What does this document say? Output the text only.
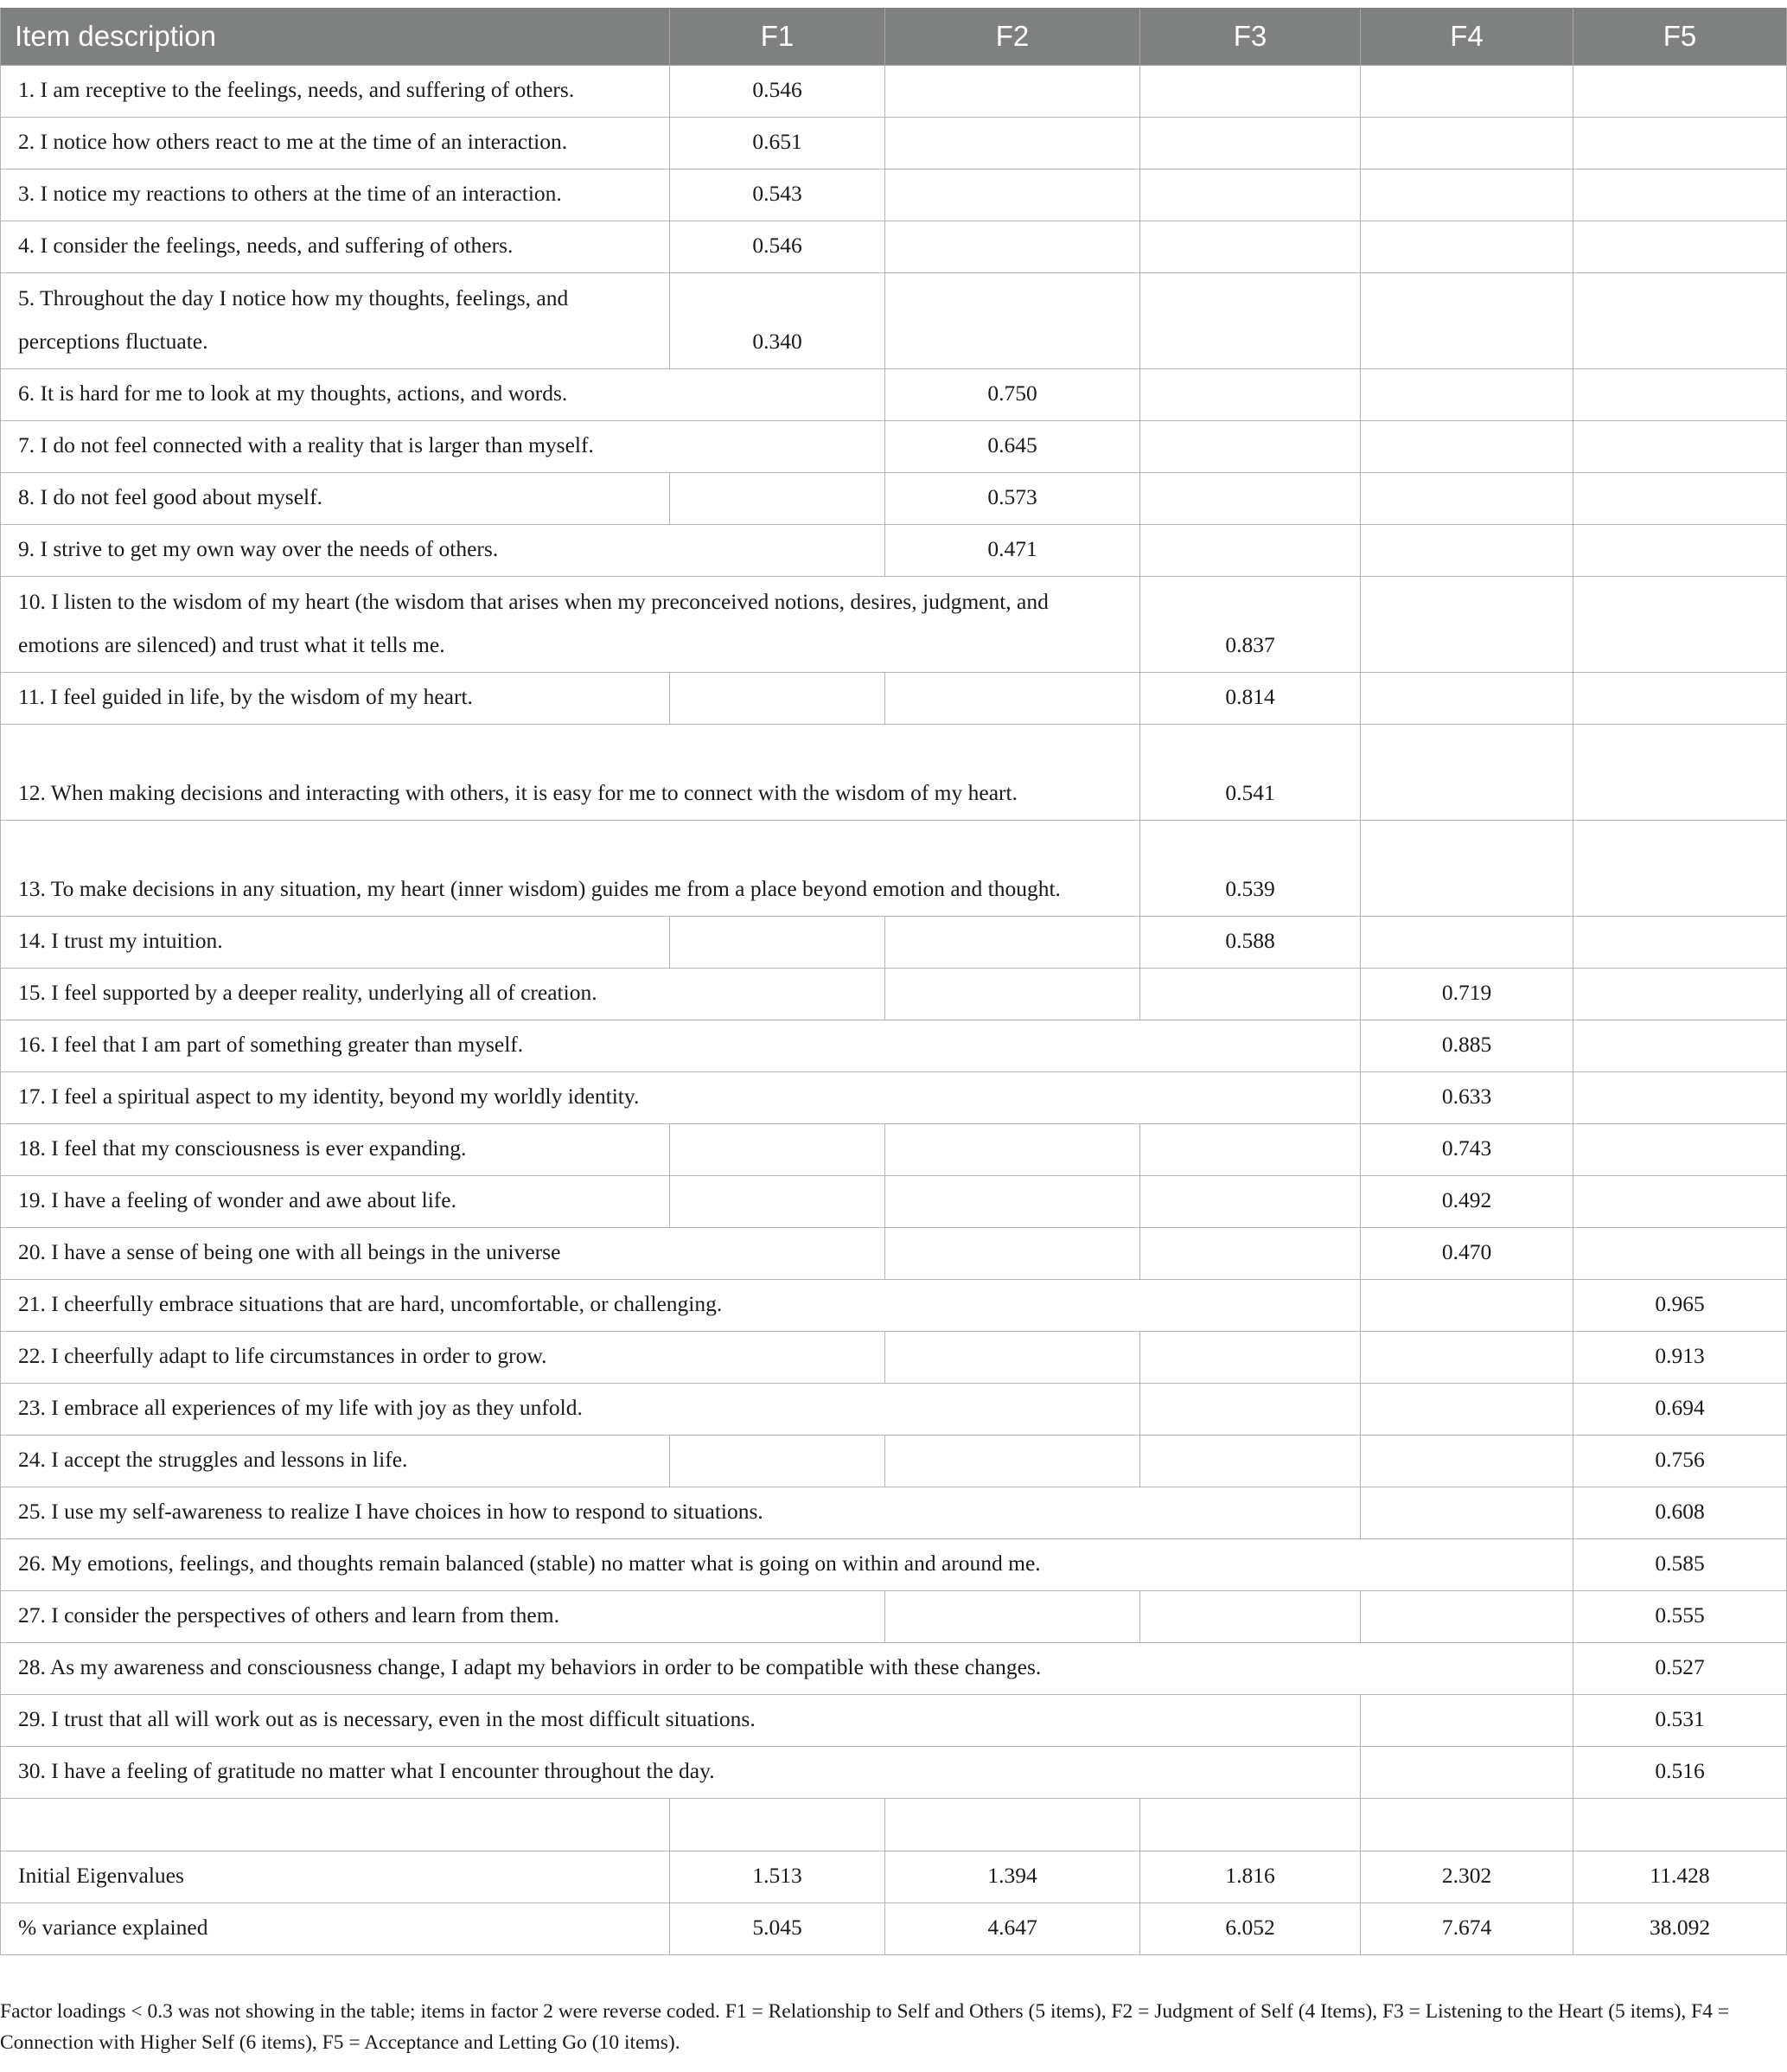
Item description	F1	F2	F3	F4	F5
1. I am receptive to the feelings, needs, and suffering of others.	0.546				
2. I notice how others react to me at the time of an interaction.	0.651				
3. I notice my reactions to others at the time of an interaction.	0.543				
4. I consider the feelings, needs, and suffering of others.	0.546				
5. Throughout the day I notice how my thoughts, feelings, and perceptions fluctuate.	0.340				
6. It is hard for me to look at my thoughts, actions, and words.		0.750			
7. I do not feel connected with a reality that is larger than myself.		0.645			
8. I do not feel good about myself.		0.573			
9. I strive to get my own way over the needs of others.		0.471			
10. I listen to the wisdom of my heart (the wisdom that arises when my preconceived notions, desires, judgment, and emotions are silenced) and trust what it tells me.			0.837		
11. I feel guided in life, by the wisdom of my heart.			0.814		
12. When making decisions and interacting with others, it is easy for me to connect with the wisdom of my heart.			0.541		
13. To make decisions in any situation, my heart (inner wisdom) guides me from a place beyond emotion and thought.			0.539		
14. I trust my intuition.			0.588		
15. I feel supported by a deeper reality, underlying all of creation.				0.719	
16. I feel that I am part of something greater than myself.				0.885	
17. I feel a spiritual aspect to my identity, beyond my worldly identity.				0.633	
18. I feel that my consciousness is ever expanding.				0.743	
19. I have a feeling of wonder and awe about life.				0.492	
20. I have a sense of being one with all beings in the universe				0.470	
21. I cheerfully embrace situations that are hard, uncomfortable, or challenging.					0.965
22. I cheerfully adapt to life circumstances in order to grow.					0.913
23. I embrace all experiences of my life with joy as they unfold.					0.694
24. I accept the struggles and lessons in life.					0.756
25. I use my self-awareness to realize I have choices in how to respond to situations.					0.608
26. My emotions, feelings, and thoughts remain balanced (stable) no matter what is going on within and around me.					0.585
27. I consider the perspectives of others and learn from them.					0.555
28. As my awareness and consciousness change, I adapt my behaviors in order to be compatible with these changes.					0.527
29. I trust that all will work out as is necessary, even in the most difficult situations.					0.531
30. I have a feeling of gratitude no matter what I encounter throughout the day.					0.516

Initial Eigenvalues	1.513	1.394	1.816	2.302	11.428
% variance explained	5.045	4.647	6.052	7.674	38.092
Factor loadings < 0.3 was not showing in the table; items in factor 2 were reverse coded. F1 = Relationship to Self and Others (5 items), F2 = Judgment of Self (4 Items), F3 = Listening to the Heart (5 items), F4 = Connection with Higher Self (6 items), F5 = Acceptance and Letting Go (10 items).
